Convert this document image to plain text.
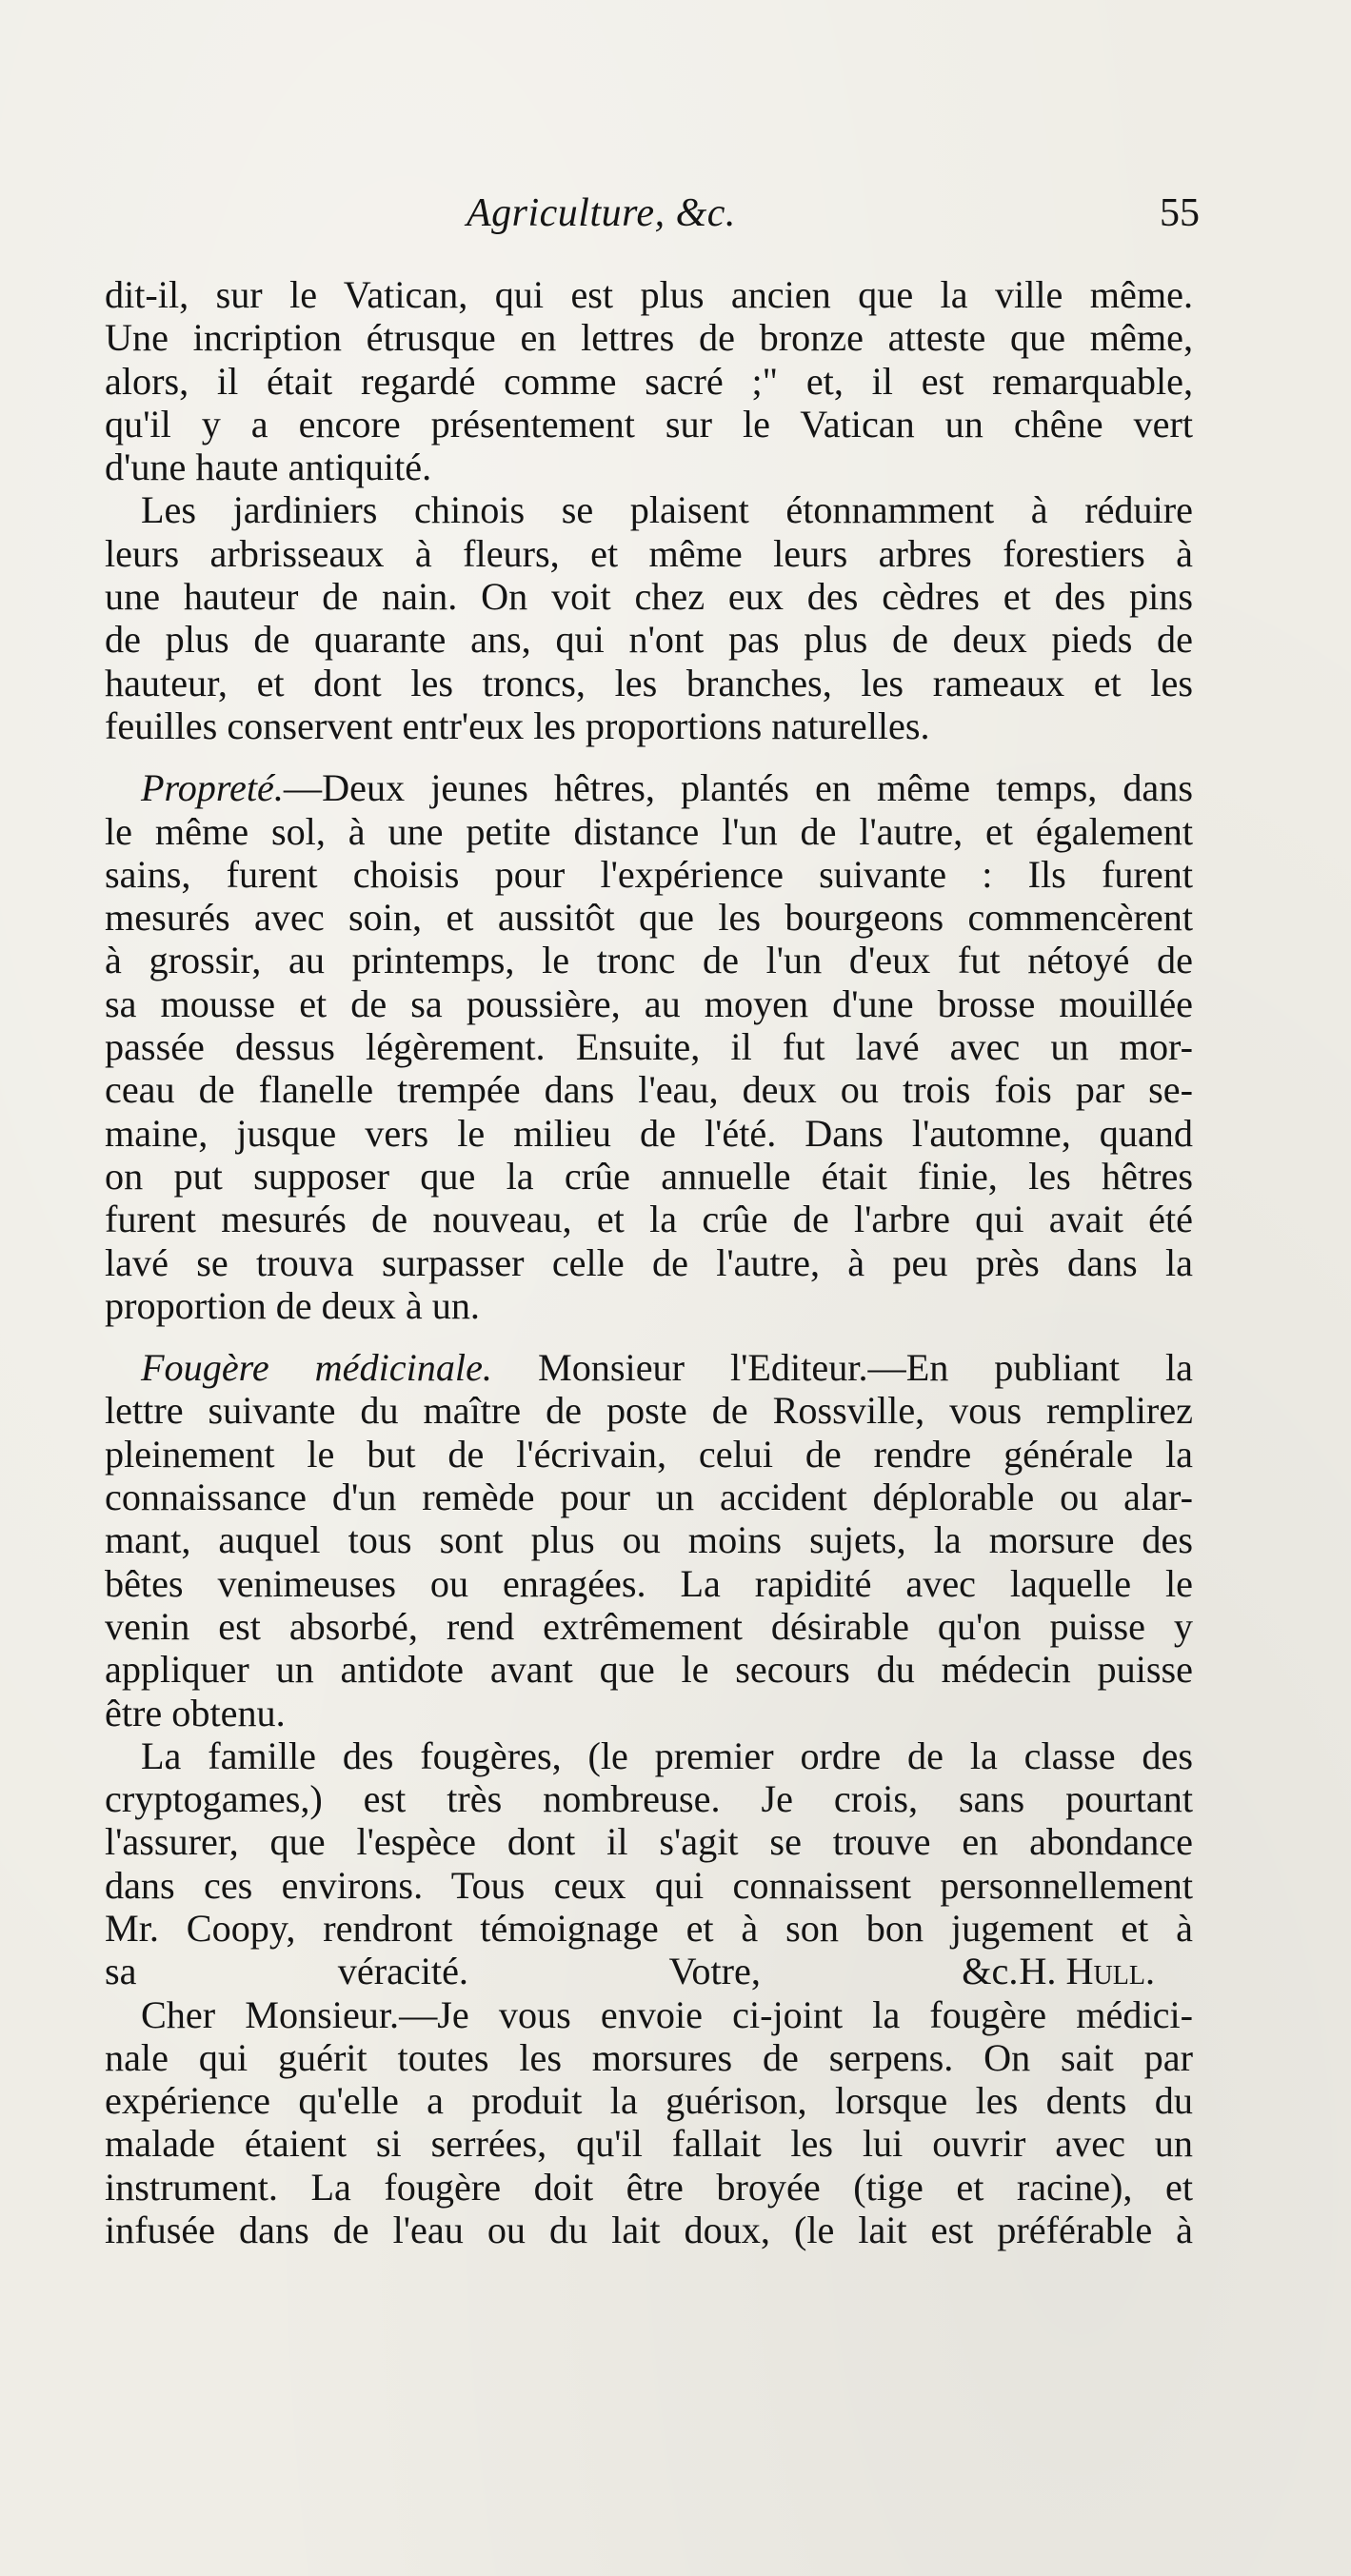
Agriculture, &c.	55
dit-il, sur le Vatican, qui est plus ancien que la ville même.
Une incription étrusque en lettres de bronze atteste que même,
alors, il était regardé comme sacré ;" et, il est remarquable,
qu'il y a encore présentement sur le Vatican un chêne vert
d'une haute antiquité.
Les jardiniers chinois se plaisent étonnamment à réduire
leurs arbrisseaux à fleurs, et même leurs arbres forestiers à
une hauteur de nain. On voit chez eux des cèdres et des pins
de plus de quarante ans, qui n'ont pas plus de deux pieds de
hauteur, et dont les troncs, les branches, les rameaux et les
feuilles conservent entr'eux les proportions naturelles.
Propreté.—Deux jeunes hêtres, plantés en même temps, dans
le même sol, à une petite distance l'un de l'autre, et également
sains, furent choisis pour l'expérience suivante : Ils furent
mesurés avec soin, et aussitôt que les bourgeons commencèrent
à grossir, au printemps, le tronc de l'un d'eux fut nétoyé de
sa mousse et de sa poussière, au moyen d'une brosse mouillée
passée dessus légèrement. Ensuite, il fut lavé avec un mor-
ceau de flanelle trempée dans l'eau, deux ou trois fois par se-
maine, jusque vers le milieu de l'été. Dans l'automne, quand
on put supposer que la crûe annuelle était finie, les hêtres
furent mesurés de nouveau, et la crûe de l'arbre qui avait été
lavé se trouva surpasser celle de l'autre, à peu près dans la
proportion de deux à un.
Fougère médicinale. Monsieur l'Editeur.—En publiant la
lettre suivante du maître de poste de Rossville, vous remplirez
pleinement le but de l'écrivain, celui de rendre générale la
connaissance d'un remède pour un accident déplorable ou alar-
mant, auquel tous sont plus ou moins sujets, la morsure des
bêtes venimeuses ou enragées. La rapidité avec laquelle le
venin est absorbé, rend extrêmement désirable qu'on puisse y
appliquer un antidote avant que le secours du médecin puisse
être obtenu.
La famille des fougères, (le premier ordre de la classe des
cryptogames,) est très nombreuse. Je crois, sans pourtant
l'assurer, que l'espèce dont il s'agit se trouve en abondance
dans ces environs. Tous ceux qui connaissent personnellement
Mr. Coopy, rendront témoignage et à son bon jugement et à
sa véracité. Votre, &c. H. Hull.
Cher Monsieur.—Je vous envoie ci-joint la fougère médici-
nale qui guérit toutes les morsures de serpens. On sait par
expérience qu'elle a produit la guérison, lorsque les dents du
malade étaient si serrées, qu'il fallait les lui ouvrir avec un
instrument. La fougère doit être broyée (tige et racine), et
infusée dans de l'eau ou du lait doux, (le lait est préférable à
